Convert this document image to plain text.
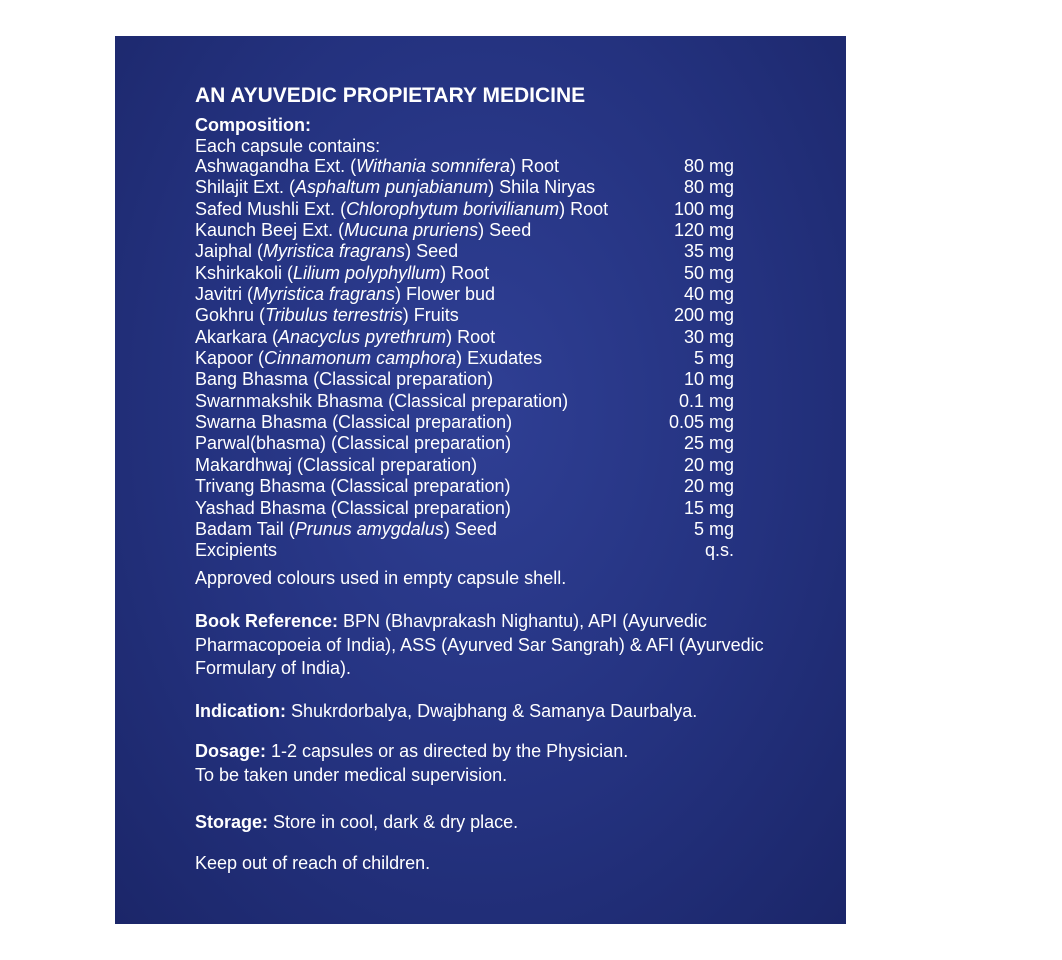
AN AYUVEDIC PROPIETARY MEDICINE
Composition:
Each capsule contains:
Ashwagandha Ext. (Withania somnifera) Root	80 mg
Shilajit Ext. (Asphaltum punjabianum) Shila Niryas	80 mg
Safed Mushli Ext. (Chlorophytum borivilianum) Root	100 mg
Kaunch Beej Ext. (Mucuna pruriens) Seed	120 mg
Jaiphal (Myristica fragrans) Seed	35 mg
Kshirkakoli (Lilium polyphyllum) Root	50 mg
Javitri (Myristica fragrans) Flower bud	40 mg
Gokhru (Tribulus terrestris) Fruits	200 mg
Akarkara (Anacyclus pyrethrum) Root	30 mg
Kapoor (Cinnamonum camphora) Exudates	5 mg
Bang Bhasma (Classical preparation)	10 mg
Swarnmakshik Bhasma (Classical preparation)	0.1 mg
Swarna Bhasma (Classical preparation)	0.05 mg
Parwal(bhasma) (Classical preparation)	25 mg
Makardhwaj (Classical preparation)	20 mg
Trivang Bhasma (Classical preparation)	20 mg
Yashad Bhasma (Classical preparation)	15 mg
Badam Tail (Prunus amygdalus) Seed	5 mg
Excipients	q.s.
Approved colours used in empty capsule shell.
Book Reference: BPN (Bhavprakash Nighantu), API (Ayurvedic Pharmacopoeia of India), ASS (Ayurved Sar Sangrah) & AFI (Ayurvedic Formulary of India).
Indication: Shukrdorbalya, Dwajbhang & Samanya Daurbalya.
Dosage: 1-2 capsules or as directed by the Physician.
To be taken under medical supervision.
Storage: Store in cool, dark & dry place.
Keep out of reach of children.
